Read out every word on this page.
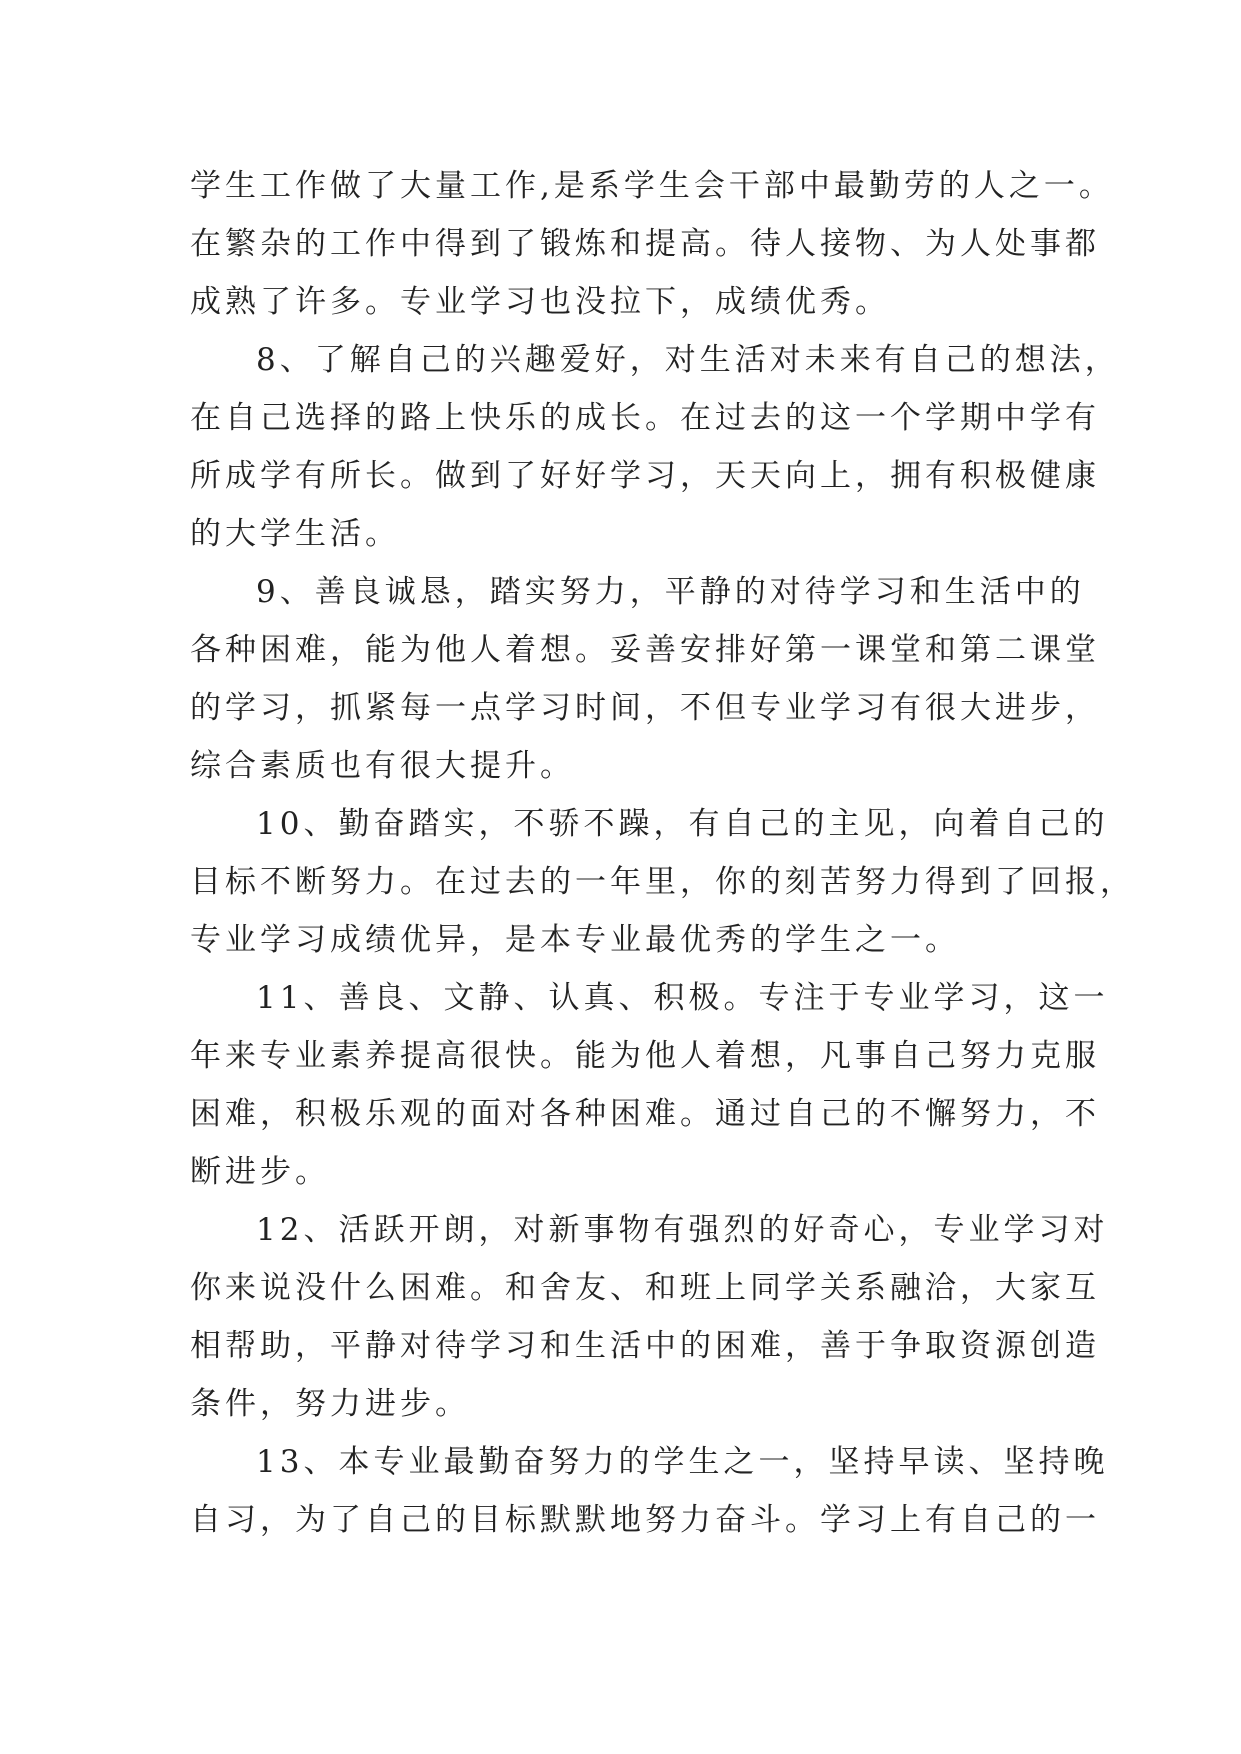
学生工作做了大量工作,是系学生会干部中最勤劳的人之一。
在繁杂的工作中得到了锻炼和提高。待人接物、为人处事都
成熟了许多。专业学习也没拉下，成绩优秀。
8、了解自己的兴趣爱好，对生活对未来有自己的想法，
在自己选择的路上快乐的成长。在过去的这一个学期中学有
所成学有所长。做到了好好学习，天天向上，拥有积极健康
的大学生活。
9、善良诚恳，踏实努力，平静的对待学习和生活中的
各种困难，能为他人着想。妥善安排好第一课堂和第二课堂
的学习，抓紧每一点学习时间，不但专业学习有很大进步，
综合素质也有很大提升。
10、勤奋踏实，不骄不躁，有自己的主见，向着自己的
目标不断努力。在过去的一年里，你的刻苦努力得到了回报，
专业学习成绩优异，是本专业最优秀的学生之一。
11、善良、文静、认真、积极。专注于专业学习，这一
年来专业素养提高很快。能为他人着想，凡事自己努力克服
困难，积极乐观的面对各种困难。通过自己的不懈努力，不
断进步。
12、活跃开朗，对新事物有强烈的好奇心，专业学习对
你来说没什么困难。和舍友、和班上同学关系融洽，大家互
相帮助，平静对待学习和生活中的困难，善于争取资源创造
条件，努力进步。
13、本专业最勤奋努力的学生之一，坚持早读、坚持晚
自习，为了自己的目标默默地努力奋斗。学习上有自己的一
